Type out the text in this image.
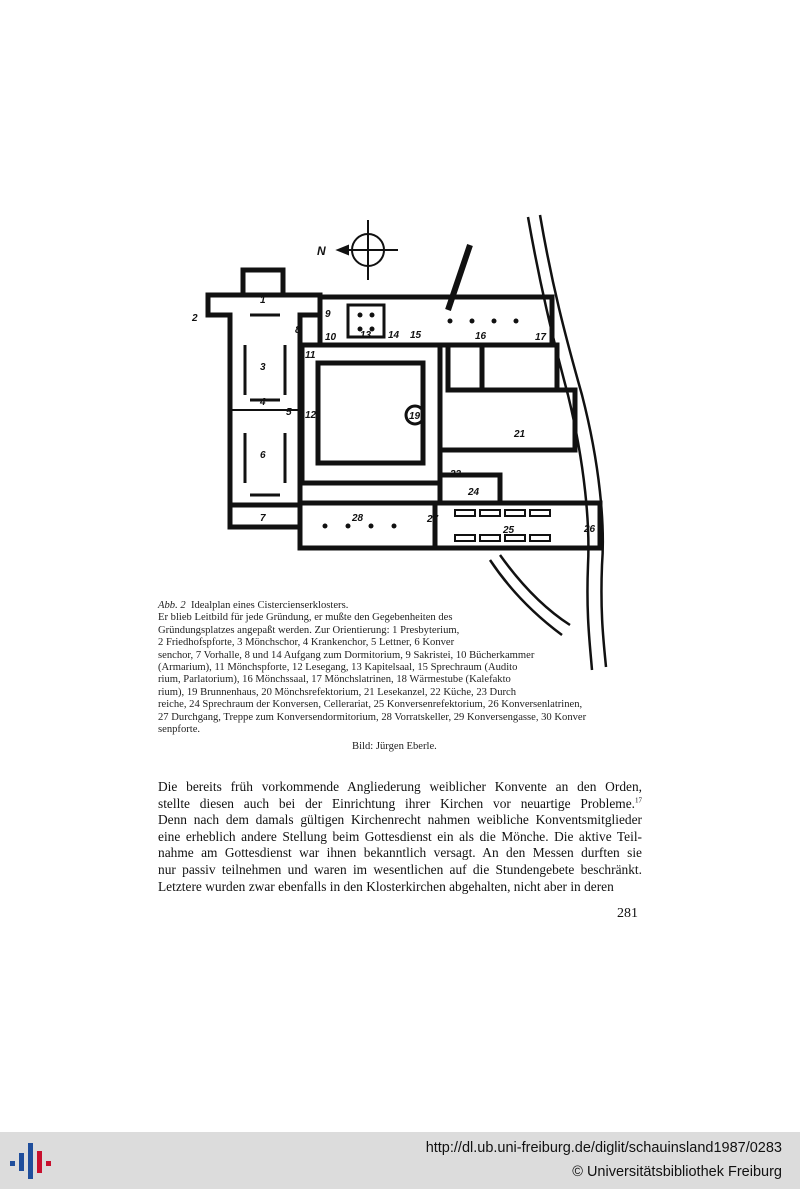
N
1
2
3
4
5
6
7
8
9
10
11
12
13 14 15	16	17
19
21
23
24
25	26
27
28
Abb. 2 Idealplan eines Cistercienserklosters.
Er blieb Leitbild für jede Gründung, er mußte den Gegebenheiten des
Gründungsplatzes angepaßt werden. Zur Orientierung: 1 Presbyterium,
2 Friedhofspforte, 3 Mönchschor, 4 Krankenchor, 5 Lettner, 6 Konver
senchor, 7 Vorhalle, 8 und 14 Aufgang zum Dormitorium, 9 Sakristei, 10 Bücherkammer
(Armarium), 11 Mönchspforte, 12 Lesegang, 13 Kapitelsaal, 15 Sprechraum (Audito
rium, Parlatorium), 16 Mönchssaal, 17 Mönchslatrinen, 18 Wärmestube (Kalefakto
rium), 19 Brunnenhaus, 20 Mönchsrefektorium, 21 Lesekanzel, 22 Küche, 23 Durch
reiche, 24 Sprechraum der Konversen, Cellerariat, 25 Konversenrefektorium, 26 Konversenlatrinen,
27 Durchgang, Treppe zum Konversendormitorium, 28 Vorratskeller, 29 Konversengasse, 30 Konver
senpforte.
Bild: Jürgen Eberle.
Die bereits früh vorkommende Angliederung weiblicher Konvente an den Orden,
stellte diesen auch bei der Einrichtung ihrer Kirchen vor neuartige Probleme.$^{17}$
Denn nach dem damals gültigen Kirchenrecht nahmen weibliche Konventsmitglieder
eine erheblich andere Stellung beim Gottesdienst ein als die Mönche. Die aktive Teil-
nahme am Gottesdienst war ihnen bekanntlich versagt. An den Messen durften sie
nur passiv teilnehmen und waren im wesentlichen auf die Stundengebete beschränkt.
Letztere wurden zwar ebenfalls in den Klosterkirchen abgehalten, nicht aber in deren
281
http://dl.ub.uni-freiburg.de/diglit/schauinsland1987/0283
© Universitätsbibliothek Freiburg
